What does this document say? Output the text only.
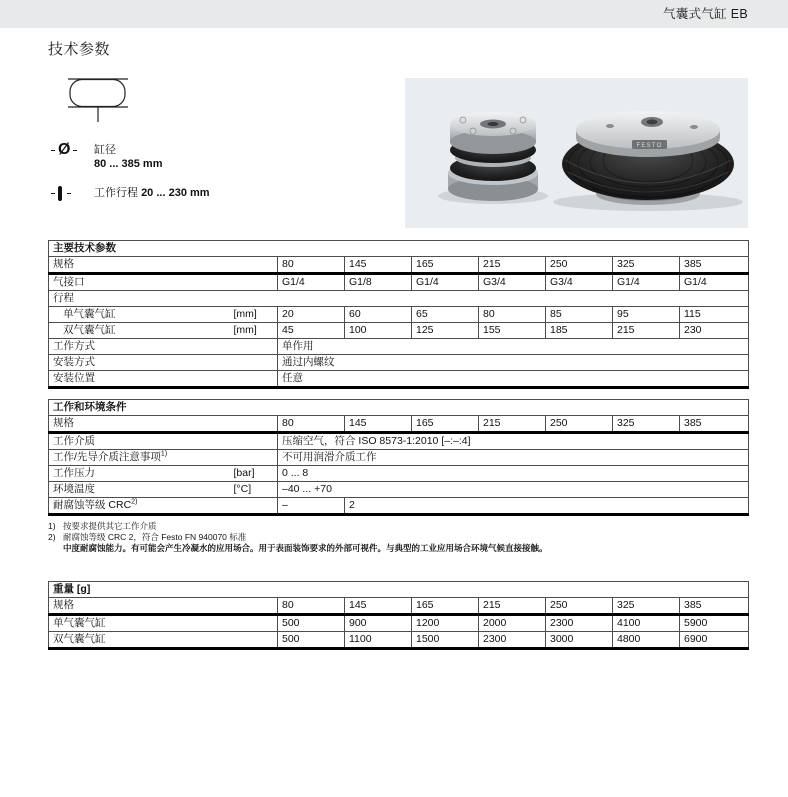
气囊式气缸 EB
技术参数
Ø 缸径
80 ... 385 mm
工作行程 20 ... 230 mm
FESTO
主要技术参数								
规格		80	145	165	215	250	325	385
气接口		G1/4	G1/8	G1/4	G3/4	G3/4	G1/4	G1/4
行程								
单气囊气缸	[mm]	20	60	65	80	85	95	115
双气囊气缸	[mm]	45	100	125	155	185	215	230
工作方式		单作用						
安装方式		通过内螺纹						
安装位置		任意						
工作和环境条件								
规格		80	145	165	215	250	325	385
工作介质		压缩空气，符合 ISO 8573-1:2010 [–:–:4]						
工作/先导介质注意事项$^{1)}$		不可用润滑介质工作						
工作压力	[bar]	0 ... 8						
环境温度	[°C]	–40 ... +70						
耐腐蚀等级 CRC$^{2)}$		–	2					
1) 按要求提供其它工作介质
2) 耐腐蚀等级 CRC 2，符合 Festo FN 940070 标准
中度耐腐蚀能力。有可能会产生冷凝水的应用场合。用于表面装饰要求的外部可视件。与典型的工业应用场合环境气候直接接触。
重量 [g]							
规格	80	145	165	215	250	325	385
单气囊气缸	500	900	1200	2000	2300	4100	5900
双气囊气缸	500	1100	1500	2300	3000	4800	6900
